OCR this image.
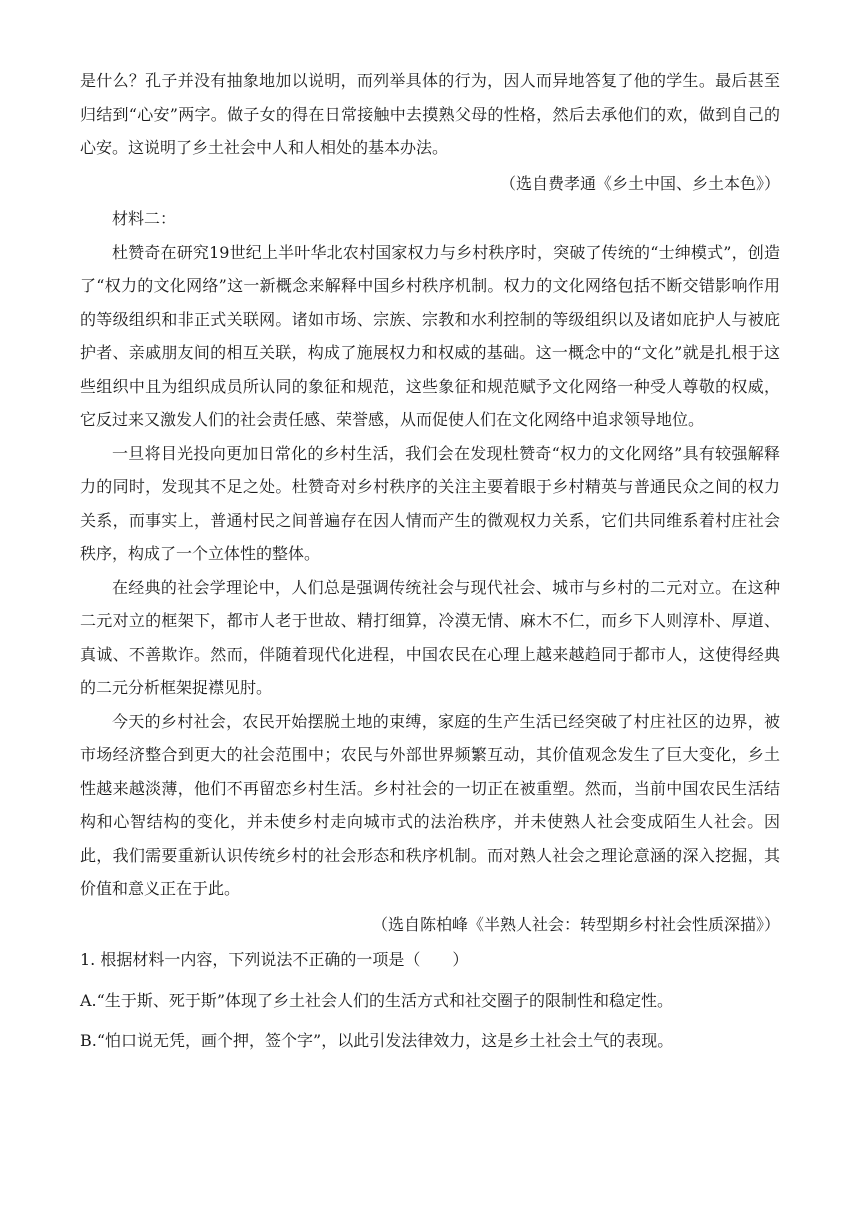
是什么？孔子并没有抽象地加以说明，而列举具体的行为，因人而异地答复了他的学生。最后甚至归结到“心安”两字。做子女的得在日常接触中去摸熟父母的性格，然后去承他们的欢，做到自己的心安。这说明了乡土社会中人和人相处的基本办法。

（选自费孝通《乡土中国、乡土本色》）

材料二：

杜赞奇在研究19世纪上半叶华北农村国家权力与乡村秩序时，突破了传统的“士绅模式”，创造了“权力的文化网络”这一新概念来解释中国乡村秩序机制。权力的文化网络包括不断交错影响作用的等级组织和非正式关联网。诸如市场、宗族、宗教和水利控制的等级组织以及诸如庇护人与被庇护者、亲戚朋友间的相互关联，构成了施展权力和权威的基础。这一概念中的“文化”就是扎根于这些组织中且为组织成员所认同的象征和规范，这些象征和规范赋予文化网络一种受人尊敬的权威，它反过来又激发人们的社会责任感、荣誉感，从而促使人们在文化网络中追求领导地位。

一旦将目光投向更加日常化的乡村生活，我们会在发现杜赞奇“权力的文化网络”具有较强解释力的同时，发现其不足之处。杜赞奇对乡村秩序的关注主要着眼于乡村精英与普通民众之间的权力关系，而事实上，普通村民之间普遍存在因人情而产生的微观权力关系，它们共同维系着村庄社会秩序，构成了一个立体性的整体。

在经典的社会学理论中，人们总是强调传统社会与现代社会、城市与乡村的二元对立。在这种二元对立的框架下，都市人老于世故、精打细算，冷漠无情、麻木不仁，而乡下人则淳朴、厚道、真诚、不善欺诈。然而，伴随着现代化进程，中国农民在心理上越来越趋同于都市人，这使得经典的二元分析框架捉襟见肘。

今天的乡村社会，农民开始摆脱土地的束缚，家庭的生产生活已经突破了村庄社区的边界，被市场经济整合到更大的社会范围中；农民与外部世界频繁互动，其价值观念发生了巨大变化，乡土性越来越淡薄，他们不再留恋乡村生活。乡村社会的一切正在被重塑。然而，当前中国农民生活结构和心智结构的变化，并未使乡村走向城市式的法治秩序，并未使熟人社会变成陌生人社会。因此，我们需要重新认识传统乡村的社会形态和秩序机制。而对熟人社会之理论意涵的深入挖掘，其价值和意义正在于此。

（选自陈柏峰《半熟人社会：转型期乡村社会性质深描》）

1. 根据材料一内容，下列说法不正确的一项是（　　）

A.“生于斯、死于斯”体现了乡土社会人们的生活方式和社交圈子的限制性和稳定性。

B.“怕口说无凭，画个押，签个字”，以此引发法律效力，这是乡土社会土气的表现。
